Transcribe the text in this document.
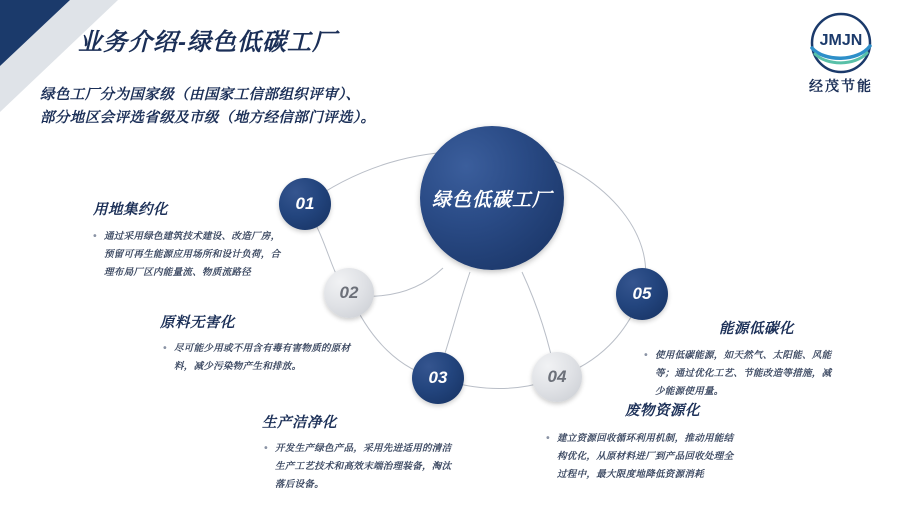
业务介绍-绿色低碳工厂
绿色工厂分为国家级（由国家工信部组织评审）、
部分地区会评选省级及市级（地方经信部门评选）。
JMJN
经茂节能
绿色低碳工厂
01
用地集约化
• 通过采用绿色建筑技术建设、改造厂房，预留可再生能源应用场所和设计负荷，合理布局厂区内能量流、物质流路径
02
原料无害化
• 尽可能少用或不用含有毒有害物质的原材料，减少污染物产生和排放。
03
生产洁净化
• 开发生产绿色产品，采用先进适用的清洁生产工艺技术和高效末端治理装备，淘汰落后设备。
04
废物资源化
• 建立资源回收循环利用机制，推动用能结构优化，从原材料进厂到产品回收处理全过程中，最大限度地降低资源消耗
05
能源低碳化
• 使用低碳能源，如天然气、太阳能、风能等；通过优化工艺、节能改造等措施，减少能源使用量。
